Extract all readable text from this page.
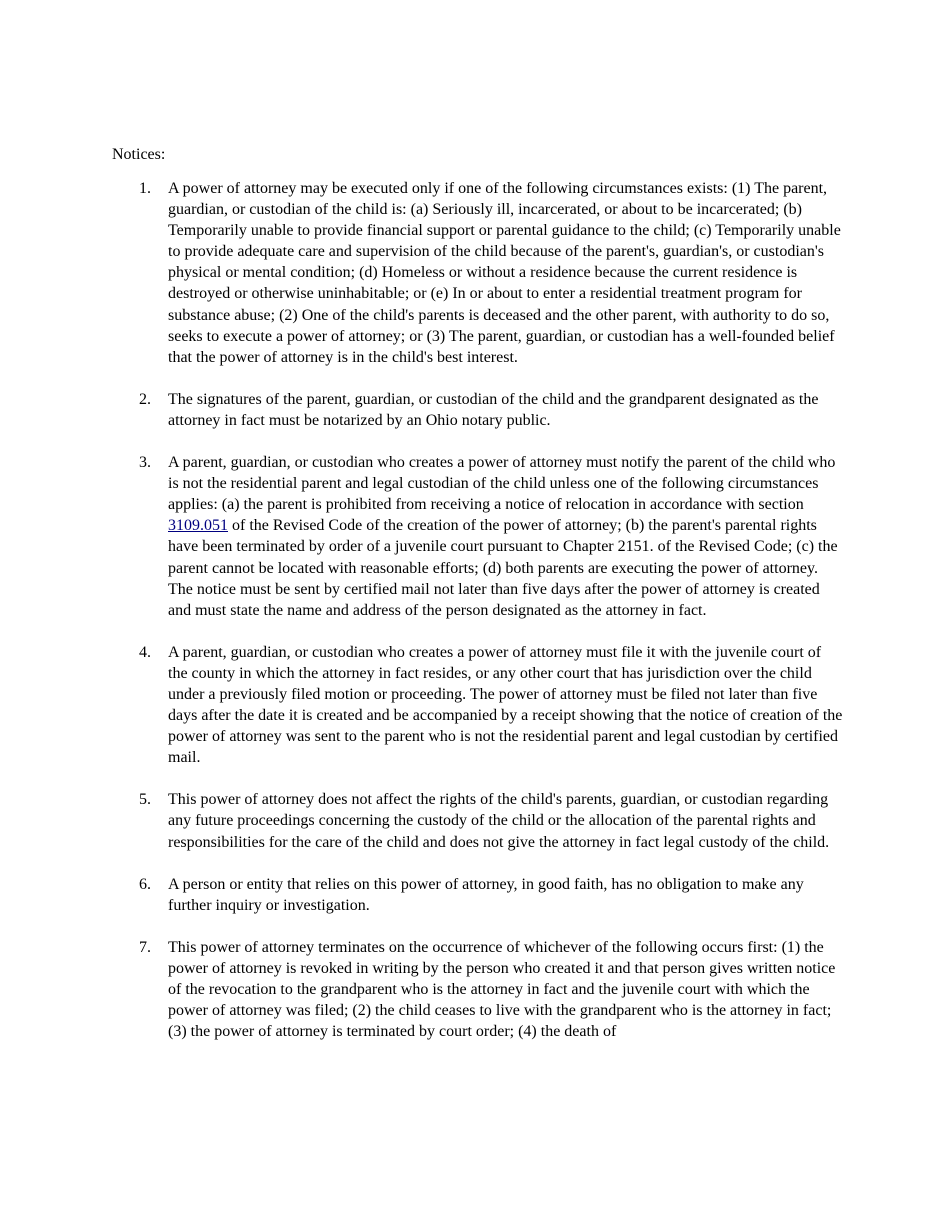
Notices:

1. A power of attorney may be executed only if one of the following circumstances exists: (1) The parent, guardian, or custodian of the child is: (a) Seriously ill, incarcerated, or about to be incarcerated; (b) Temporarily unable to provide financial support or parental guidance to the child; (c) Temporarily unable to provide adequate care and supervision of the child because of the parent's, guardian's, or custodian's physical or mental condition; (d) Homeless or without a residence because the current residence is destroyed or otherwise uninhabitable; or (e) In or about to enter a residential treatment program for substance abuse; (2) One of the child's parents is deceased and the other parent, with authority to do so, seeks to execute a power of attorney; or (3) The parent, guardian, or custodian has a well-founded belief that the power of attorney is in the child's best interest.
2. The signatures of the parent, guardian, or custodian of the child and the grandparent designated as the attorney in fact must be notarized by an Ohio notary public.
3. A parent, guardian, or custodian who creates a power of attorney must notify the parent of the child who is not the residential parent and legal custodian of the child unless one of the following circumstances applies: (a) the parent is prohibited from receiving a notice of relocation in accordance with section 3109.051 of the Revised Code of the creation of the power of attorney; (b) the parent's parental rights have been terminated by order of a juvenile court pursuant to Chapter 2151. of the Revised Code; (c) the parent cannot be located with reasonable efforts; (d) both parents are executing the power of attorney. The notice must be sent by certified mail not later than five days after the power of attorney is created and must state the name and address of the person designated as the attorney in fact.
4. A parent, guardian, or custodian who creates a power of attorney must file it with the juvenile court of the county in which the attorney in fact resides, or any other court that has jurisdiction over the child under a previously filed motion or proceeding. The power of attorney must be filed not later than five days after the date it is created and be accompanied by a receipt showing that the notice of creation of the power of attorney was sent to the parent who is not the residential parent and legal custodian by certified mail.
5. This power of attorney does not affect the rights of the child's parents, guardian, or custodian regarding any future proceedings concerning the custody of the child or the allocation of the parental rights and responsibilities for the care of the child and does not give the attorney in fact legal custody of the child.
6. A person or entity that relies on this power of attorney, in good faith, has no obligation to make any further inquiry or investigation.
7. This power of attorney terminates on the occurrence of whichever of the following occurs first: (1) the power of attorney is revoked in writing by the person who created it and that person gives written notice of the revocation to the grandparent who is the attorney in fact and the juvenile court with which the power of attorney was filed; (2) the child ceases to live with the grandparent who is the attorney in fact; (3) the power of attorney is terminated by court order; (4) the death of
